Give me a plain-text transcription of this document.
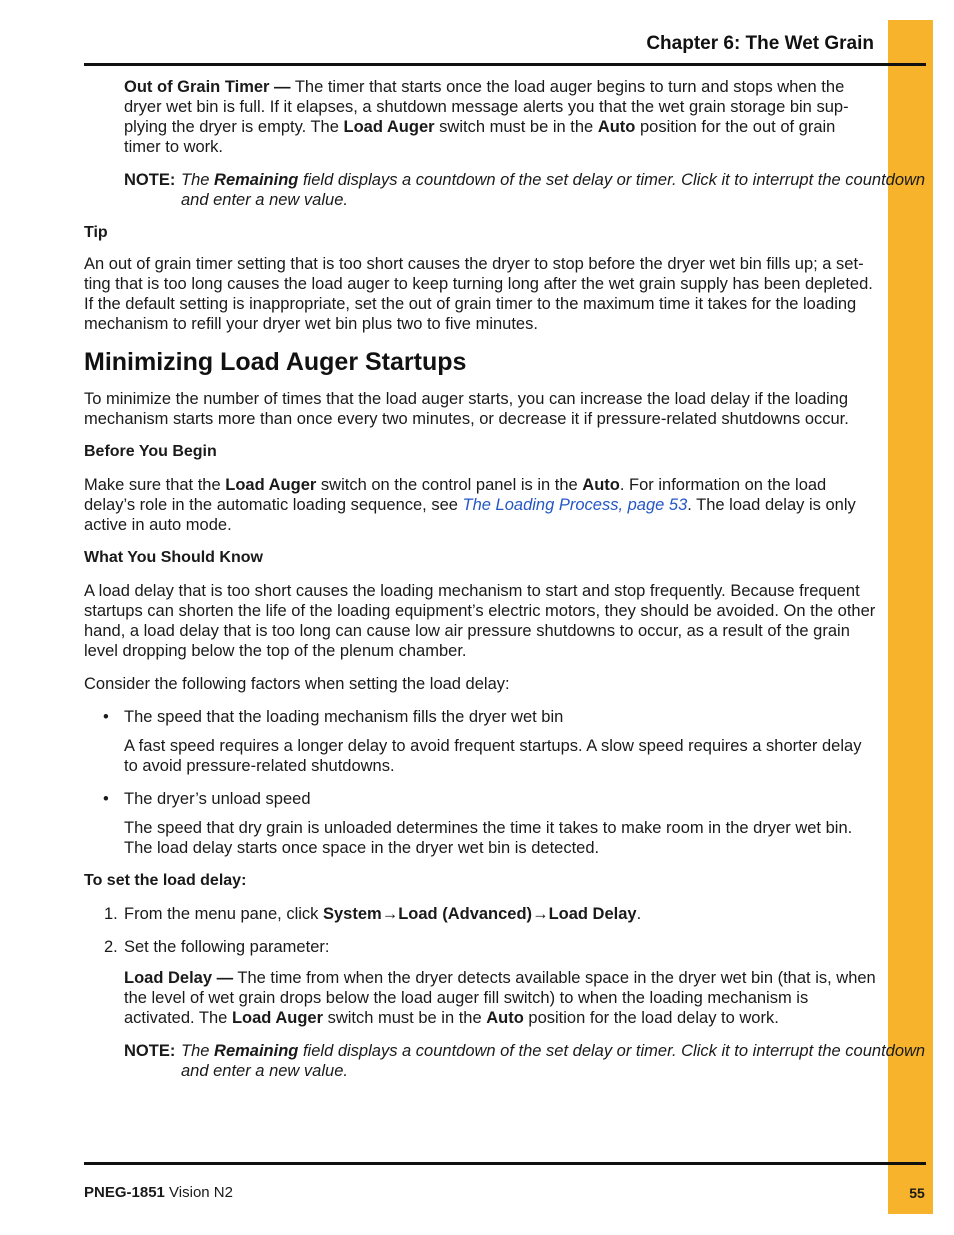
Chapter 6: The Wet Grain

Out of Grain Timer — The timer that starts once the load auger begins to turn and stops when the dryer wet bin is full. If it elapses, a shutdown message alerts you that the wet grain storage bin supplying the dryer is empty. The Load Auger switch must be in the Auto position for the out of grain timer to work.

NOTE: The Remaining field displays a countdown of the set delay or timer. Click it to interrupt the countdown and enter a new value.

Tip

An out of grain timer setting that is too short causes the dryer to stop before the dryer wet bin fills up; a setting that is too long causes the load auger to keep turning long after the wet grain supply has been depleted. If the default setting is inappropriate, set the out of grain timer to the maximum time it takes for the loading mechanism to refill your dryer wet bin plus two to five minutes.

Minimizing Load Auger Startups

To minimize the number of times that the load auger starts, you can increase the load delay if the loading mechanism starts more than once every two minutes, or decrease it if pressure-related shutdowns occur.

Before You Begin

Make sure that the Load Auger switch on the control panel is in the Auto. For information on the load delay’s role in the automatic loading sequence, see The Loading Process, page 53. The load delay is only active in auto mode.

What You Should Know

A load delay that is too short causes the loading mechanism to start and stop frequently. Because frequent startups can shorten the life of the loading equipment’s electric motors, they should be avoided. On the other hand, a load delay that is too long can cause low air pressure shutdowns to occur, as a result of the grain level dropping below the top of the plenum chamber.

Consider the following factors when setting the load delay:

• The speed that the loading mechanism fills the dryer wet bin

A fast speed requires a longer delay to avoid frequent startups. A slow speed requires a shorter delay to avoid pressure-related shutdowns.

• The dryer’s unload speed

The speed that dry grain is unloaded determines the time it takes to make room in the dryer wet bin. The load delay starts once space in the dryer wet bin is detected.

To set the load delay:
1. From the menu pane, click System→Load (Advanced)→Load Delay.

2. Set the following parameter:

Load Delay — The time from when the dryer detects available space in the dryer wet bin (that is, when the level of wet grain drops below the load auger fill switch) to when the loading mechanism is activated. The Load Auger switch must be in the Auto position for the load delay to work.

NOTE: The Remaining field displays a countdown of the set delay or timer. Click it to interrupt the countdown and enter a new value.

PNEG-1851 Vision N2	55
